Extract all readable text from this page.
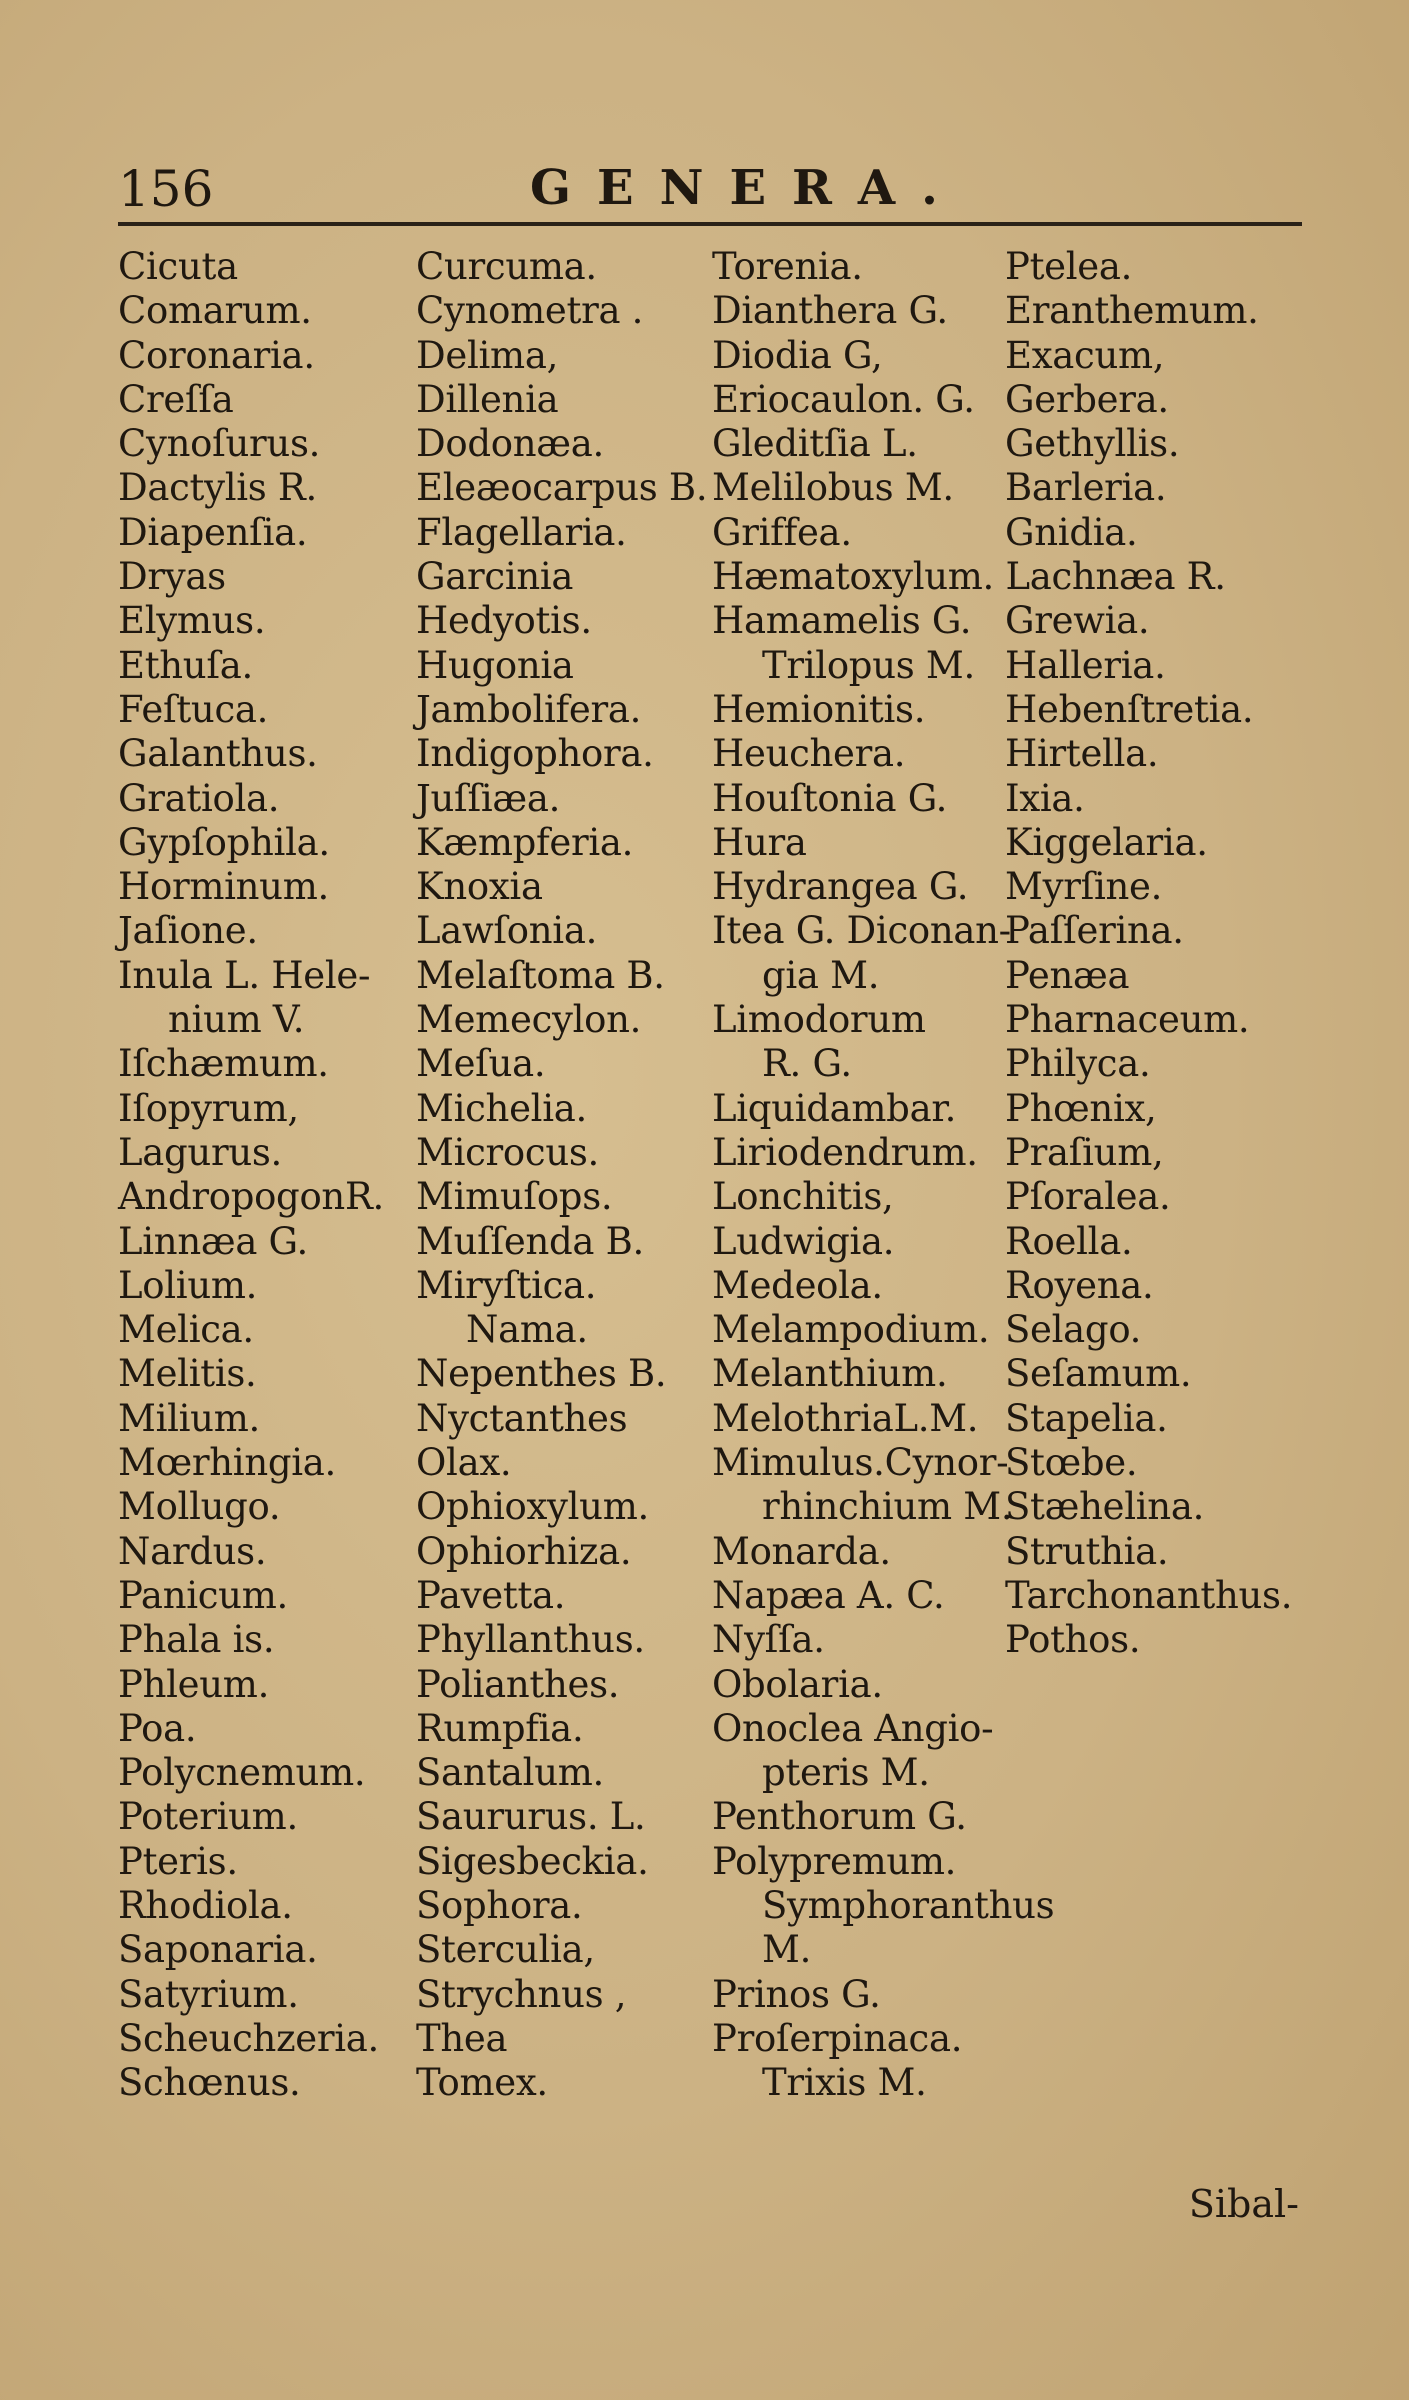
156	GENERA.
Cicuta
Comarum.
Coronaria.
Creſſa
Cynoſurus.
Dactylis R.
Diapenſia.
Dryas
Elymus.
Ethuſa.
Feſtuca.
Galanthus.
Gratiola.
Gypſophila.
Horminum.
Jaſione.
Inula L. Hele-
nium V.
Iſchæmum.
Iſopyrum,
Lagurus.
AndropogonR.
Linnæa G.
Lolium.
Melica.
Melitis.
Milium.
Mœrhingia.
Mollugo.
Nardus.
Panicum.
Phala is.
Phleum.
Poa.
Polycnemum.
Poterium.
Pteris.
Rhodiola.
Saponaria.
Satyrium.
Scheuchzeria.
Schœnus.
Curcuma.
Cynometra .
Delima,
Dillenia
Dodonæa.
Eleæocarpus B.
Flagellaria.
Garcinia
Hedyotis.
Hugonia
Jambolifera.
Indigophora.
Juſſiæa.
Kæmpferia.
Knoxia
Lawſonia.
Melaſtoma B.
Memecylon.
Meſua.
Michelia.
Microcus.
Mimuſops.
Muſſenda B.
Miryſtica.
Nama.
Nepenthes B.
Nyctanthes
Olax.
Ophioxylum.
Ophiorhiza.
Pavetta.
Phyllanthus.
Polianthes.
Rumpfia.
Santalum.
Saururus. L.
Sigesbeckia.
Sophora.
Sterculia,
Strychnus ,
Thea
Tomex.
Torenia.
Dianthera G.
Diodia G,
Eriocaulon. G.
Gleditſia L.
Melilobus M.
Griffea.
Hæmatoxylum. Lachnæa R.
Hamamelis G.
Trilopus M.
Hemionitis.
Heuchera.
Houſtonia G.
Hura
Hydrangea G.
Itea G. Diconan-
gia M.
Limodorum
R. G.
Liquidambar.
Liriodendrum.
Lonchitis,
Ludwigia.
Medeola.
Melampodium.
Melanthium.
MelothriaL.M.
Mimulus.Cynor-
rhinchium M.
Monarda.
Napæa A. C.
Nyſſa.
Obolaria.
Onoclea Angio-
pteris M.
Penthorum G.
Polypremum.
Symphoranthus
M.
Prinos G.
Proſerpinaca.
Trixis M.
Ptelea.
Eranthemum.
Exacum,
Gerbera.
Gethyllis.
Barleria.
Gnidia.
Grewia.
Halleria.
Hebenſtretia.
Hirtella.
Ixia.
Kiggelaria.
Myrſine.
Paſſerina.
Penæa
Pharnaceum.
Philyca.
Phœnix,
Praſium,
Pſoralea.
Roella.
Royena.
Selago.
Seſamum.
Stapelia.
Stœbe.
Stæhelina.
Struthia.
Tarchonanthus.
Pothos.
Sibal-
